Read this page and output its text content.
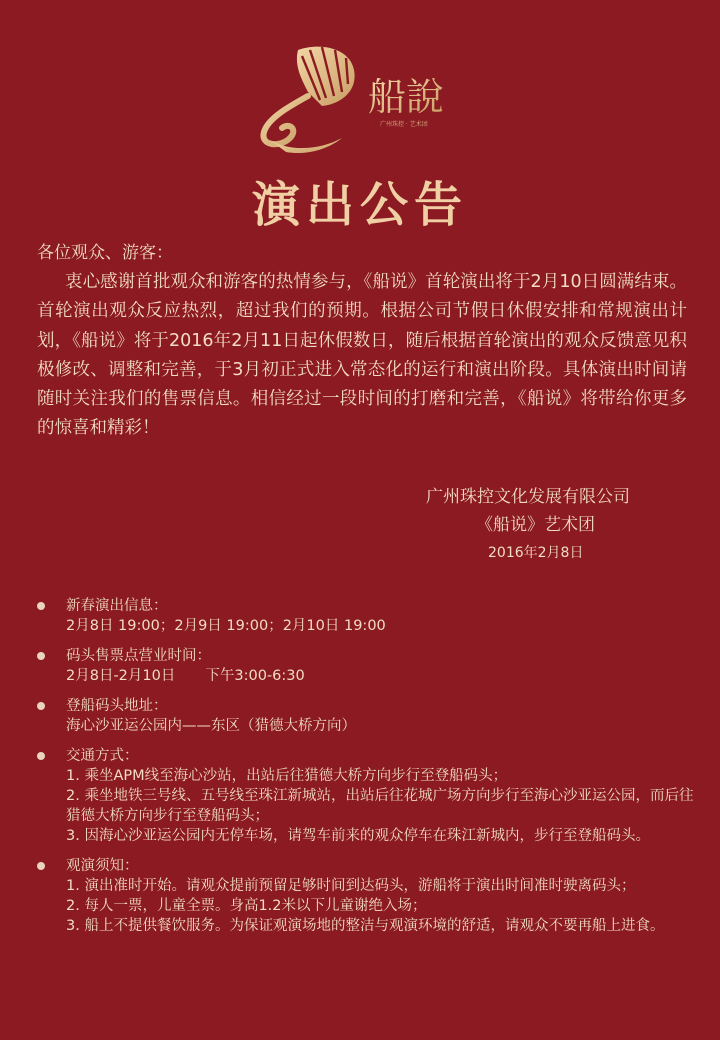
船說
广州珠控 · 艺术团
演出公告
各位观众、游客：
衷心感谢首批观众和游客的热情参与，《船说》首轮演出将于2月10日圆满结束。首轮演出观众反应热烈，超过我们的预期。根据公司节假日休假安排和常规演出计划，《船说》将于2016年2月11日起休假数日，随后根据首轮演出的观众反馈意见积极修改、调整和完善，于3月初正式进入常态化的运行和演出阶段。具体演出时间请随时关注我们的售票信息。相信经过一段时间的打磨和完善，《船说》将带给你更多的惊喜和精彩！
广州珠控文化发展有限公司
《船说》艺术团
2016年2月8日
新春演出信息：
2月8日 19:00；2月9日 19:00；2月10日 19:00
码头售票点营业时间：
2月8日-2月10日 下午3:00-6:30
登船码头地址：
海心沙亚运公园内——东区（猎德大桥方向）
交通方式：
1. 乘坐APM线至海心沙站，出站后往猎德大桥方向步行至登船码头；
2. 乘坐地铁三号线、五号线至珠江新城站，出站后往花城广场方向步行至海心沙亚运公园，而后往猎德大桥方向步行至登船码头；
3. 因海心沙亚运公园内无停车场，请驾车前来的观众停车在珠江新城内，步行至登船码头。
观演须知：
1. 演出准时开始。请观众提前预留足够时间到达码头，游船将于演出时间准时驶离码头；
2. 每人一票，儿童全票。身高1.2米以下儿童谢绝入场；
3. 船上不提供餐饮服务。为保证观演场地的整洁与观演环境的舒适，请观众不要再船上进食。
